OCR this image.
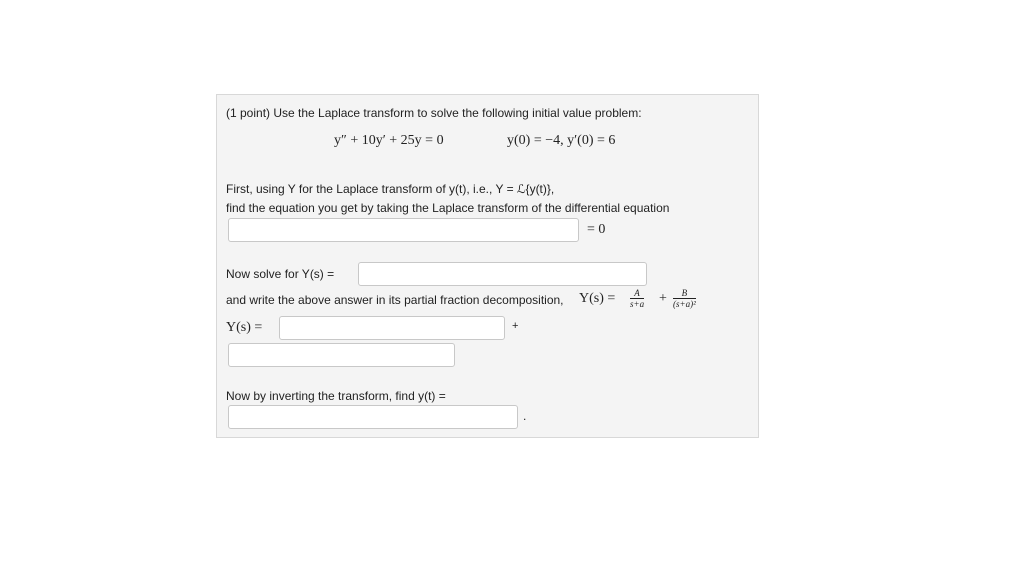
(1 point) Use the Laplace transform to solve the following initial value problem:
y″ + 10y′ + 25y = 0	y(0) = −4, y′(0) = 6
First, using Y for the Laplace transform of y(t), i.e., Y = ℒ{y(t)},
find the equation you get by taking the Laplace transform of the differential equation
= 0
Now solve for Y(s) =
and write the above answer in its partial fraction decomposition, $Y(s) = \frac{A}{s+a} + \frac{B}{\text{(s+a)²}}$
Y(s) =	+
Now by inverting the transform, find y(t) =
.
